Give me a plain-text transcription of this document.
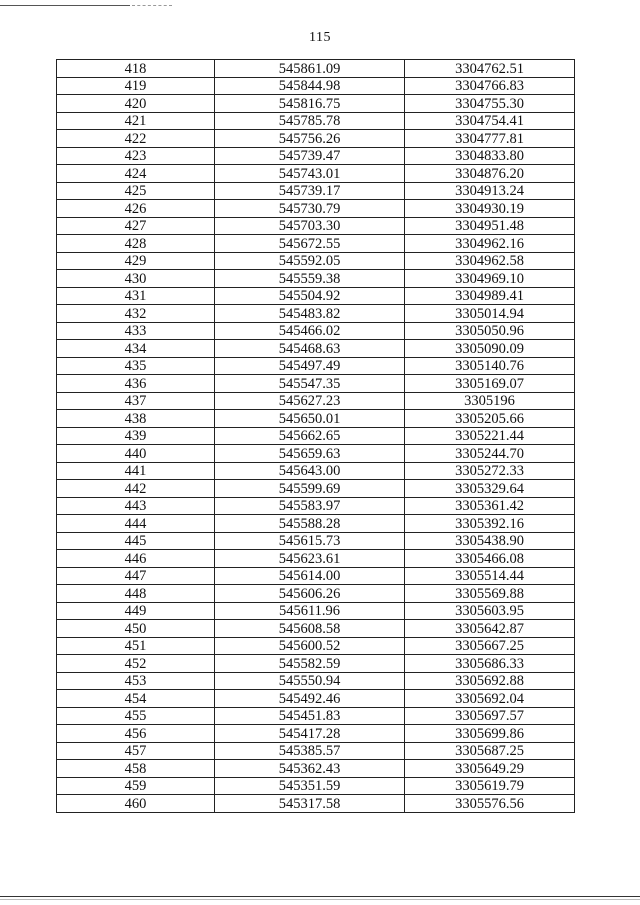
115
418	545861.09	3304762.51
419	545844.98	3304766.83
420	545816.75	3304755.30
421	545785.78	3304754.41
422	545756.26	3304777.81
423	545739.47	3304833.80
424	545743.01	3304876.20
425	545739.17	3304913.24
426	545730.79	3304930.19
427	545703.30	3304951.48
428	545672.55	3304962.16
429	545592.05	3304962.58
430	545559.38	3304969.10
431	545504.92	3304989.41
432	545483.82	3305014.94
433	545466.02	3305050.96
434	545468.63	3305090.09
435	545497.49	3305140.76
436	545547.35	3305169.07
437	545627.23	3305196
438	545650.01	3305205.66
439	545662.65	3305221.44
440	545659.63	3305244.70
441	545643.00	3305272.33
442	545599.69	3305329.64
443	545583.97	3305361.42
444	545588.28	3305392.16
445	545615.73	3305438.90
446	545623.61	3305466.08
447	545614.00	3305514.44
448	545606.26	3305569.88
449	545611.96	3305603.95
450	545608.58	3305642.87
451	545600.52	3305667.25
452	545582.59	3305686.33
453	545550.94	3305692.88
454	545492.46	3305692.04
455	545451.83	3305697.57
456	545417.28	3305699.86
457	545385.57	3305687.25
458	545362.43	3305649.29
459	545351.59	3305619.79
460	545317.58	3305576.56
